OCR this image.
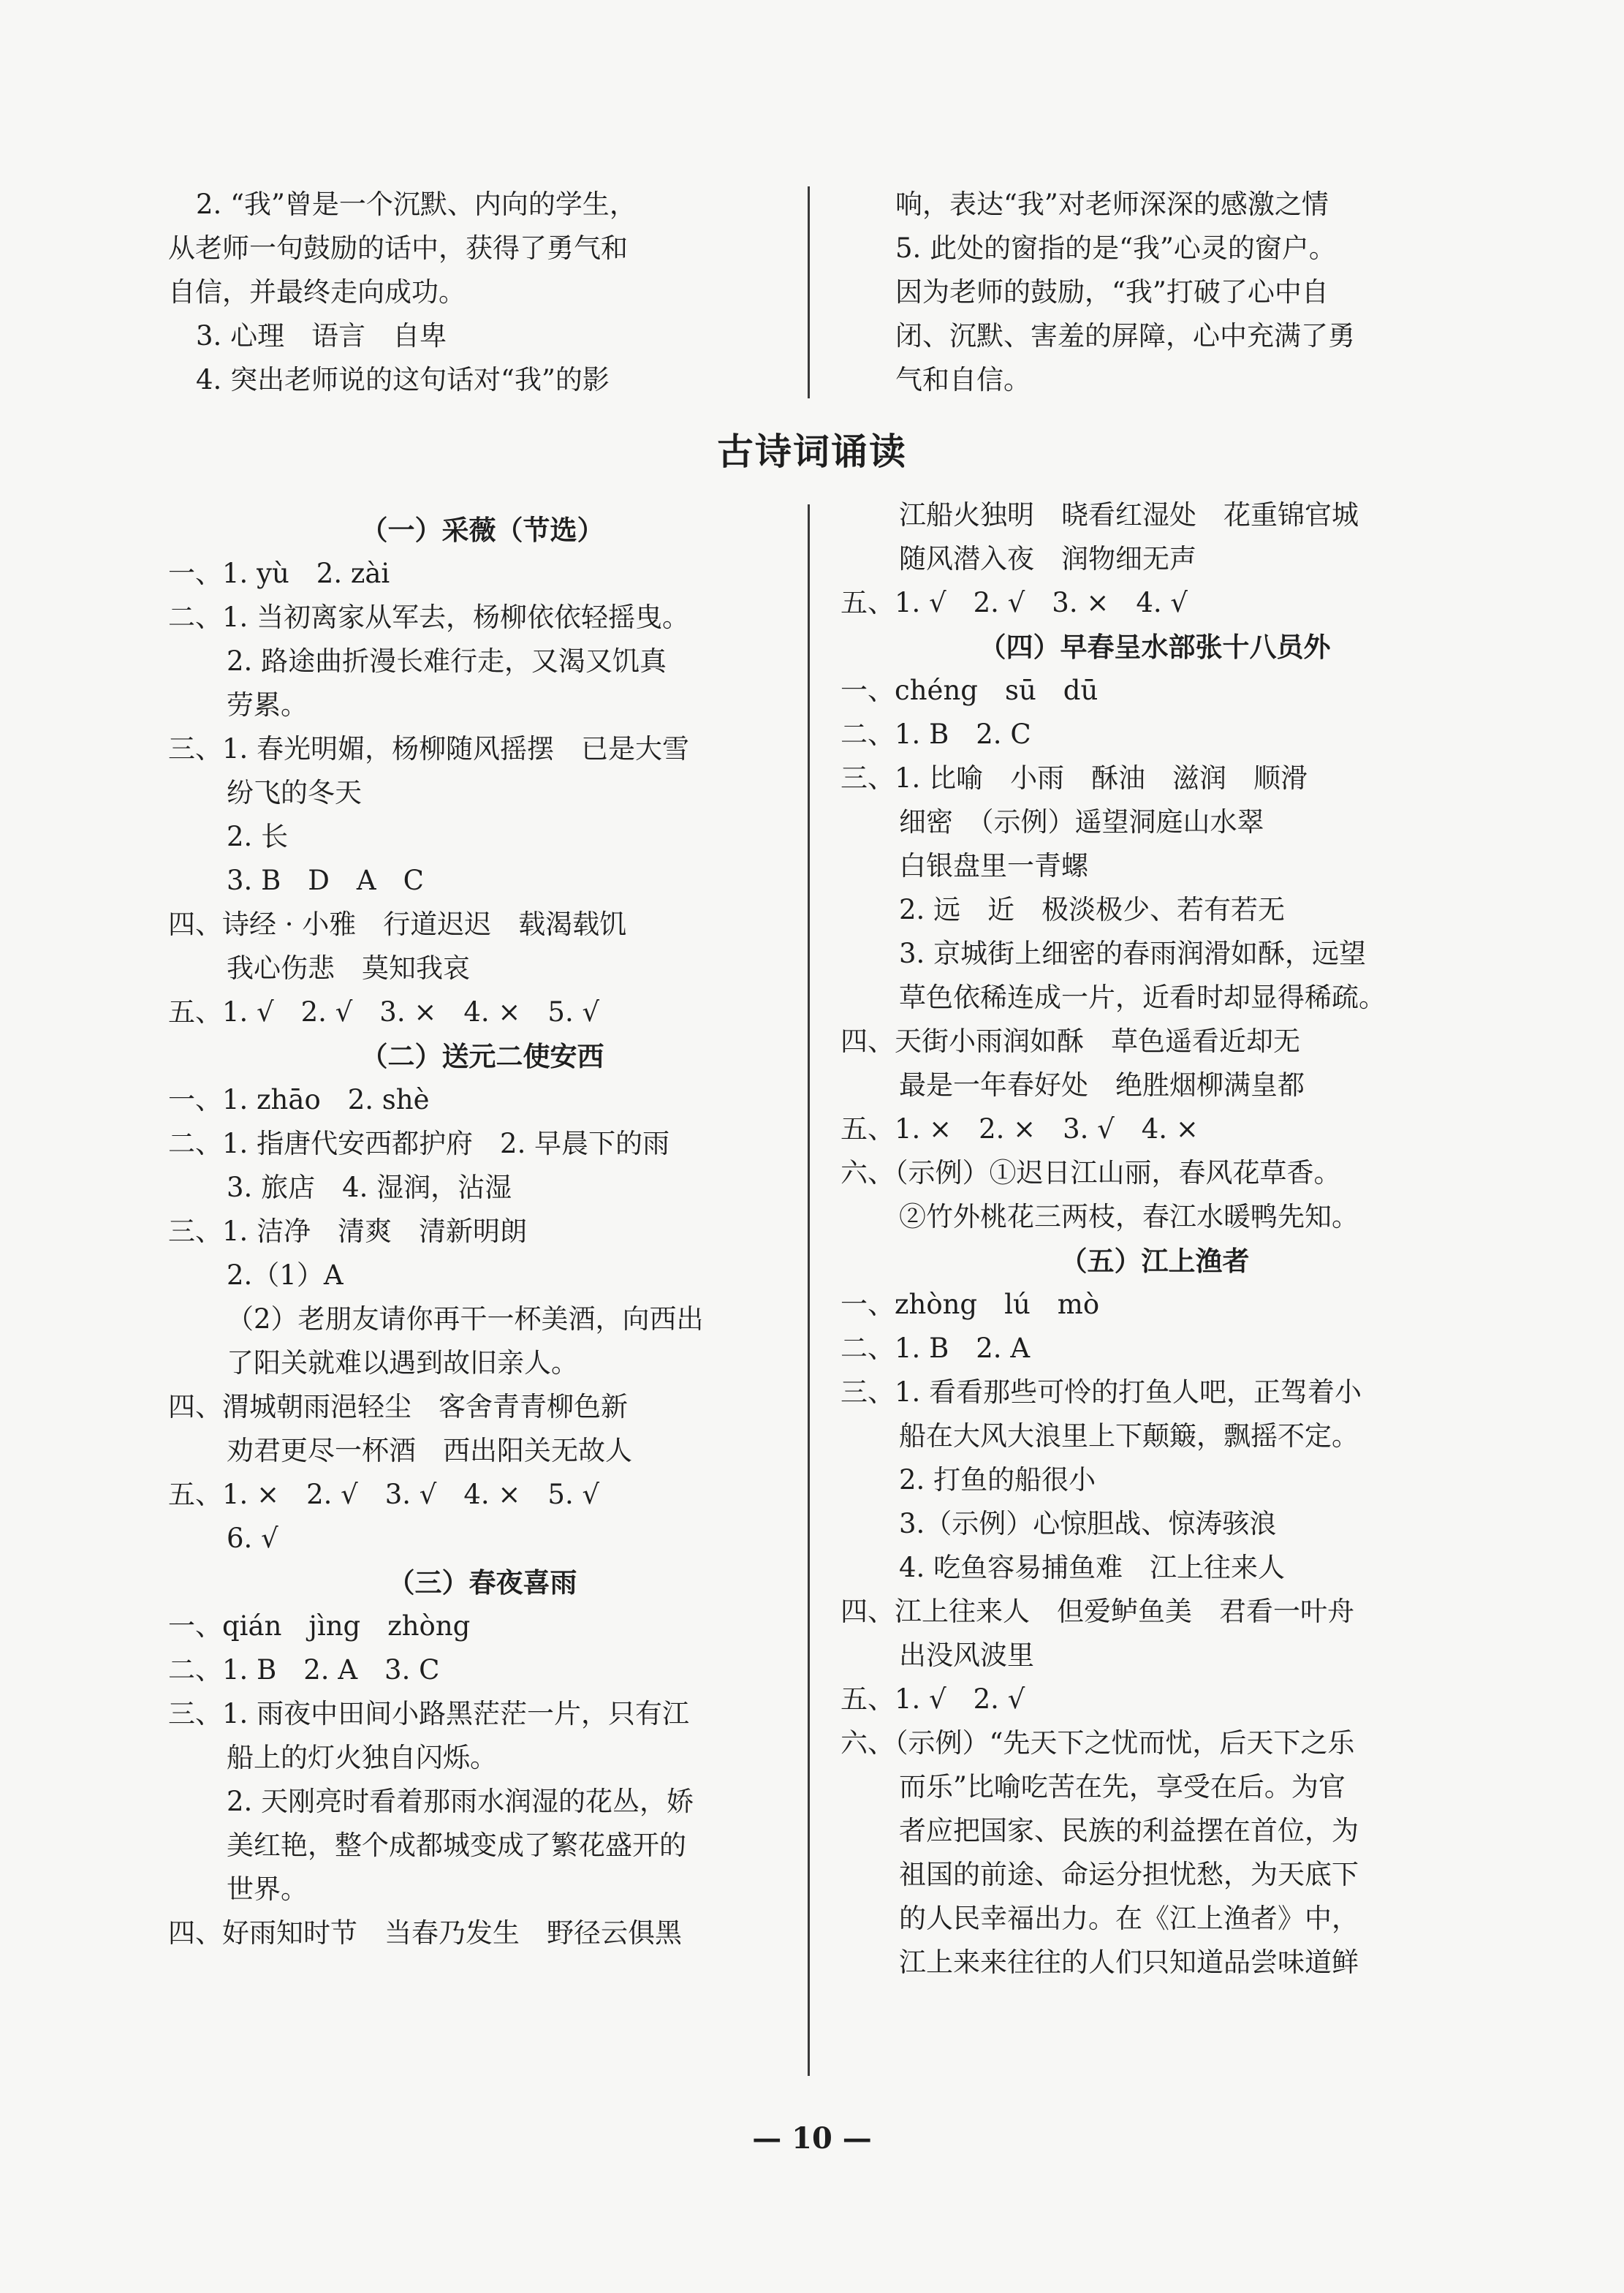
2. “我”曾是一个沉默、内向的学生，
从老师一句鼓励的话中，获得了勇气和
自信，并最终走向成功。
3. 心理　语言　自卑
4. 突出老师说的这句话对“我”的影
响，表达“我”对老师深深的感激之情
5. 此处的窗指的是“我”心灵的窗户。
因为老师的鼓励，“我”打破了心中自
闭、沉默、害羞的屏障，心中充满了勇
气和自信。
古诗词诵读
（一）采薇（节选）
一、1. yù　2. zài
二、1. 当初离家从军去，杨柳依依轻摇曳。
2. 路途曲折漫长难行走，又渴又饥真
劳累。
三、1. 春光明媚，杨柳随风摇摆　已是大雪
纷飞的冬天
2. 长
3. B　D　A　C
四、诗经 · 小雅　行道迟迟　载渴载饥
我心伤悲　莫知我哀
五、1. √　2. √　3. ×　4. ×　5. √
（二）送元二使安西
一、1. zhāo　2. shè
二、1. 指唐代安西都护府　2. 早晨下的雨
3. 旅店　4. 湿润，沾湿
三、1. 洁净　清爽　清新明朗
2.（1）A
（2）老朋友请你再干一杯美酒，向西出
了阳关就难以遇到故旧亲人。
四、渭城朝雨浥轻尘　客舍青青柳色新
劝君更尽一杯酒　西出阳关无故人
五、1. ×　2. √　3. √　4. ×　5. √
6. √
（三）春夜喜雨
一、qián　jìng　zhòng
二、1. B　2. A　3. C
三、1. 雨夜中田间小路黑茫茫一片，只有江
船上的灯火独自闪烁。
2. 天刚亮时看着那雨水润湿的花丛，娇
美红艳，整个成都城变成了繁花盛开的
世界。
四、好雨知时节　当春乃发生　野径云俱黑
江船火独明　晓看红湿处　花重锦官城
随风潜入夜　润物细无声
五、1. √　2. √　3. ×　4. √
（四）早春呈水部张十八员外
一、chéng　sū　dū
二、1. B　2. C
三、1. 比喻　小雨　酥油　滋润　顺滑
细密　（示例）遥望洞庭山水翠
白银盘里一青螺
2. 远　近　极淡极少、若有若无
3. 京城街上细密的春雨润滑如酥，远望
草色依稀连成一片，近看时却显得稀疏。
四、天街小雨润如酥　草色遥看近却无
最是一年春好处　绝胜烟柳满皇都
五、1. ×　2. ×　3. √　4. ×
六、（示例）①迟日江山丽，春风花草香。
②竹外桃花三两枝，春江水暖鸭先知。
（五）江上渔者
一、zhòng　lú　mò
二、1. B　2. A
三、1. 看看那些可怜的打鱼人吧，正驾着小
船在大风大浪里上下颠簸，飘摇不定。
2. 打鱼的船很小
3.（示例）心惊胆战、惊涛骇浪
4. 吃鱼容易捕鱼难　江上往来人
四、江上往来人　但爱鲈鱼美　君看一叶舟
出没风波里
五、1. √　2. √
六、（示例）“先天下之忧而忧，后天下之乐
而乐”比喻吃苦在先，享受在后。为官
者应把国家、民族的利益摆在首位，为
祖国的前途、命运分担忧愁，为天底下
的人民幸福出力。在《江上渔者》中，
江上来来往往的人们只知道品尝味道鲜
— 10 —
